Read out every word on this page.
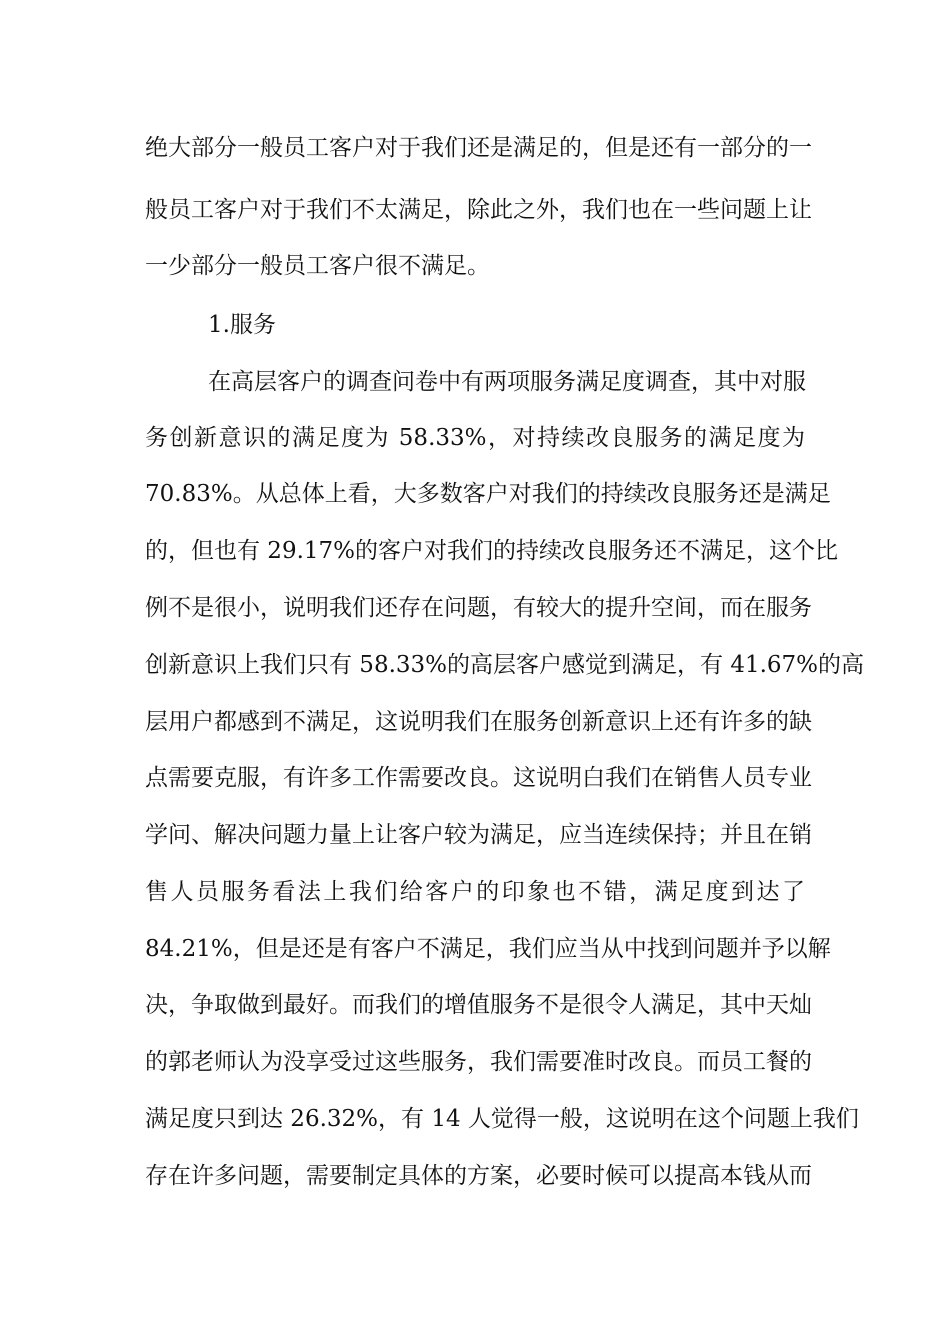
绝大部分一般员工客户对于我们还是满足的，但是还有一部分的一
般员工客户对于我们不太满足，除此之外，我们也在一些问题上让
一少部分一般员工客户很不满足。
1.服务
在高层客户的调查问卷中有两项服务满足度调查，其中对服
务创新意识的满足度为 58.33%，对持续改良服务的满足度为
70.83%。从总体上看，大多数客户对我们的持续改良服务还是满足
的，但也有 29.17%的客户对我们的持续改良服务还不满足，这个比
例不是很小，说明我们还存在问题，有较大的提升空间，而在服务
创新意识上我们只有 58.33%的高层客户感觉到满足，有 41.67%的高
层用户都感到不满足，这说明我们在服务创新意识上还有许多的缺
点需要克服，有许多工作需要改良。这说明白我们在销售人员专业
学问、解决问题力量上让客户较为满足，应当连续保持；并且在销
售人员服务看法上我们给客户的印象也不错，满足度到达了
84.21%，但是还是有客户不满足，我们应当从中找到问题并予以解
决，争取做到最好。而我们的增值服务不是很令人满足，其中天灿
的郭老师认为没享受过这些服务，我们需要准时改良。而员工餐的
满足度只到达 26.32%，有 14 人觉得一般，这说明在这个问题上我们
存在许多问题，需要制定具体的方案，必要时候可以提高本钱从而
